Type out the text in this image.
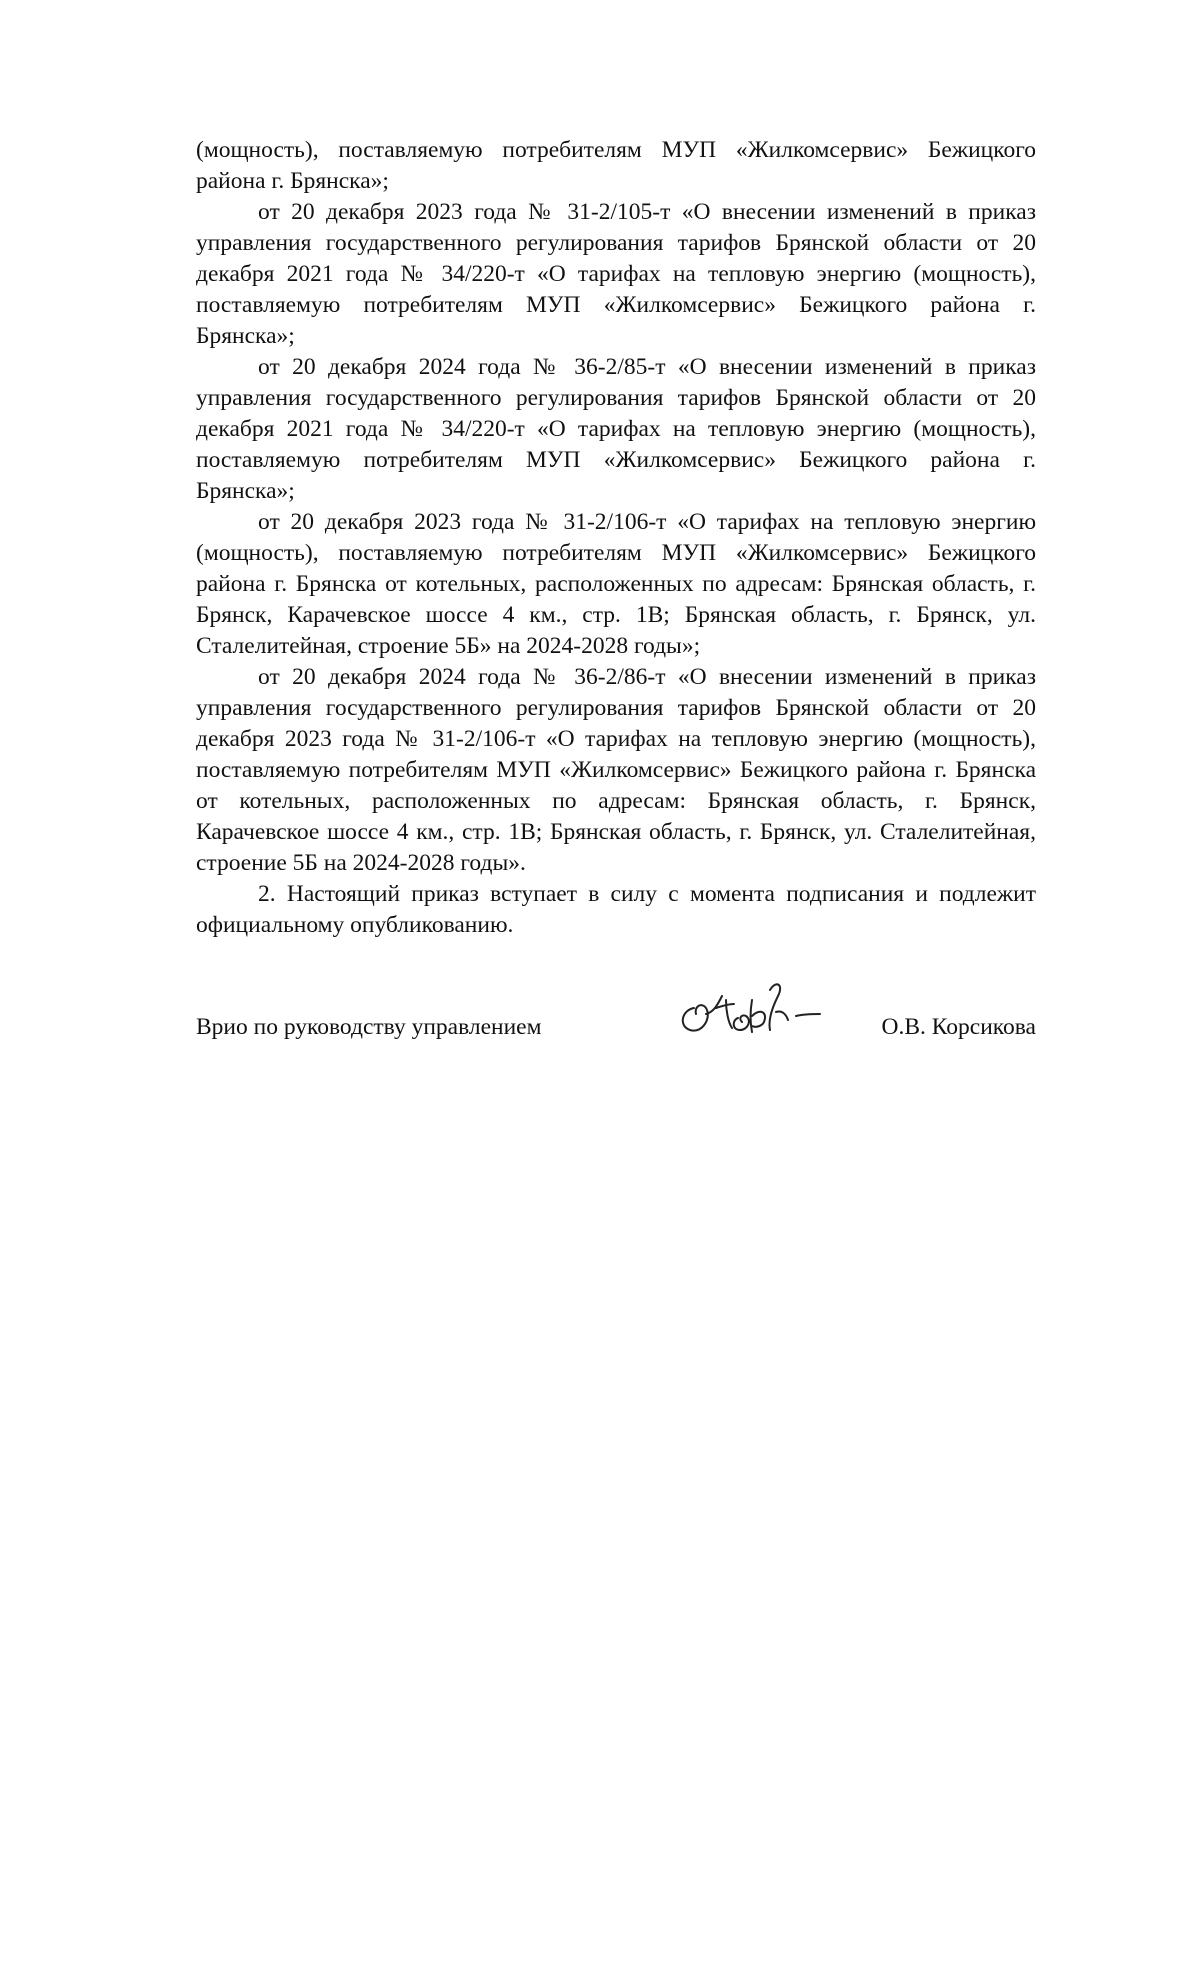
(мощность), поставляемую потребителям МУП «Жилкомсервис» Бежицкого района г. Брянска»;

от 20 декабря 2023 года № 31-2/105-т «О внесении изменений в приказ управления государственного регулирования тарифов Брянской области от 20 декабря 2021 года № 34/220-т «О тарифах на тепловую энергию (мощность), поставляемую потребителям МУП «Жилкомсервис» Бежицкого района г. Брянска»;

от 20 декабря 2024 года № 36-2/85-т «О внесении изменений в приказ управления государственного регулирования тарифов Брянской области от 20 декабря 2021 года № 34/220-т «О тарифах на тепловую энергию (мощность), поставляемую потребителям МУП «Жилкомсервис» Бежицкого района г. Брянска»;

от 20 декабря 2023 года № 31-2/106-т «О тарифах на тепловую энергию (мощность), поставляемую потребителям МУП «Жилкомсервис» Бежицкого района г. Брянска от котельных, расположенных по адресам: Брянская область, г. Брянск, Карачевское шоссе 4 км., стр. 1В; Брянская область, г. Брянск, ул. Сталелитейная, строение 5Б» на 2024-2028 годы»;

от 20 декабря 2024 года № 36-2/86-т «О внесении изменений в приказ управления государственного регулирования тарифов Брянской области от 20 декабря 2023 года № 31-2/106-т «О тарифах на тепловую энергию (мощность), поставляемую потребителям МУП «Жилкомсервис» Бежицкого района г. Брянска от котельных, расположенных по адресам: Брянская область, г. Брянск, Карачевское шоссе 4 км., стр. 1В; Брянская область, г. Брянск, ул. Сталелитейная, строение 5Б на 2024-2028 годы».

2. Настоящий приказ вступает в силу с момента подписания и подлежит официальному опубликованию.

Врио по руководству управлением	О.В. Корсикова
